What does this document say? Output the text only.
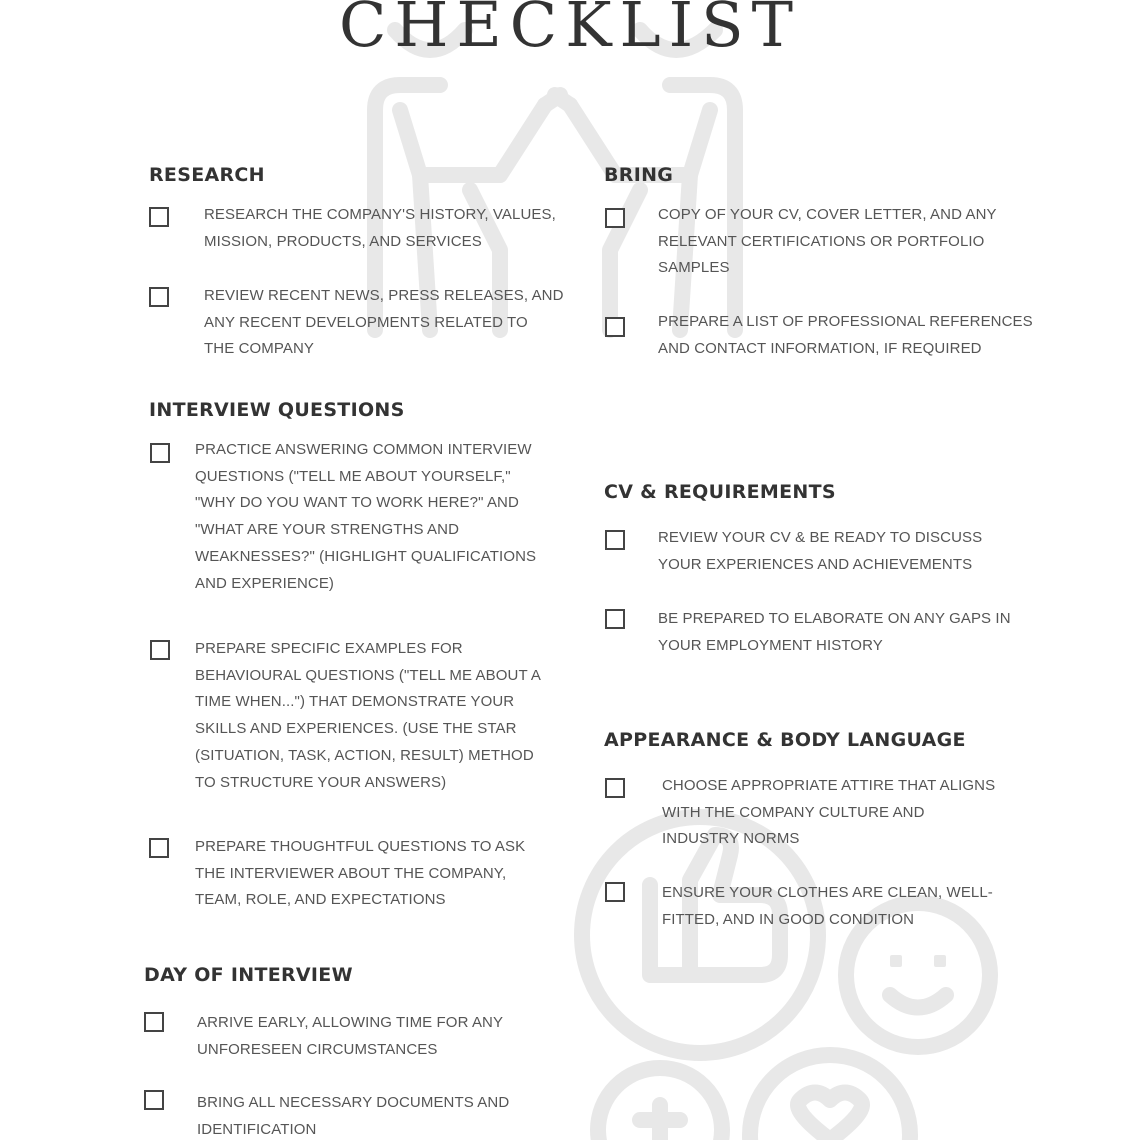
CHECKLIST
RESEARCH
RESEARCH THE COMPANY'S HISTORY, VALUES,
MISSION, PRODUCTS, AND SERVICES
REVIEW RECENT NEWS, PRESS RELEASES, AND
ANY RECENT DEVELOPMENTS RELATED TO
THE COMPANY
BRING
COPY OF YOUR CV, COVER LETTER, AND ANY
RELEVANT CERTIFICATIONS OR PORTFOLIO
SAMPLES
PREPARE A LIST OF PROFESSIONAL REFERENCES
AND CONTACT INFORMATION, IF REQUIRED
INTERVIEW QUESTIONS
PRACTICE ANSWERING COMMON INTERVIEW
QUESTIONS ("TELL ME ABOUT YOURSELF,"
"WHY DO YOU WANT TO WORK HERE?" AND
"WHAT ARE YOUR STRENGTHS AND
WEAKNESSES?" (HIGHLIGHT QUALIFICATIONS
AND EXPERIENCE)
PREPARE SPECIFIC EXAMPLES FOR
BEHAVIOURAL QUESTIONS ("TELL ME ABOUT A
TIME WHEN...") THAT DEMONSTRATE YOUR
SKILLS AND EXPERIENCES. (USE THE STAR
(SITUATION, TASK, ACTION, RESULT) METHOD
TO STRUCTURE YOUR ANSWERS)
PREPARE THOUGHTFUL QUESTIONS TO ASK
THE INTERVIEWER ABOUT THE COMPANY,
TEAM, ROLE, AND EXPECTATIONS
CV & REQUIREMENTS
REVIEW YOUR CV & BE READY TO DISCUSS
YOUR EXPERIENCES AND ACHIEVEMENTS
BE PREPARED TO ELABORATE ON ANY GAPS IN
YOUR EMPLOYMENT HISTORY
APPEARANCE & BODY LANGUAGE
CHOOSE APPROPRIATE ATTIRE THAT ALIGNS
WITH THE COMPANY CULTURE AND
INDUSTRY NORMS
ENSURE YOUR CLOTHES ARE CLEAN, WELL-
FITTED, AND IN GOOD CONDITION
DAY OF INTERVIEW
ARRIVE EARLY, ALLOWING TIME FOR ANY
UNFORESEEN CIRCUMSTANCES
BRING ALL NECESSARY DOCUMENTS AND
IDENTIFICATION
